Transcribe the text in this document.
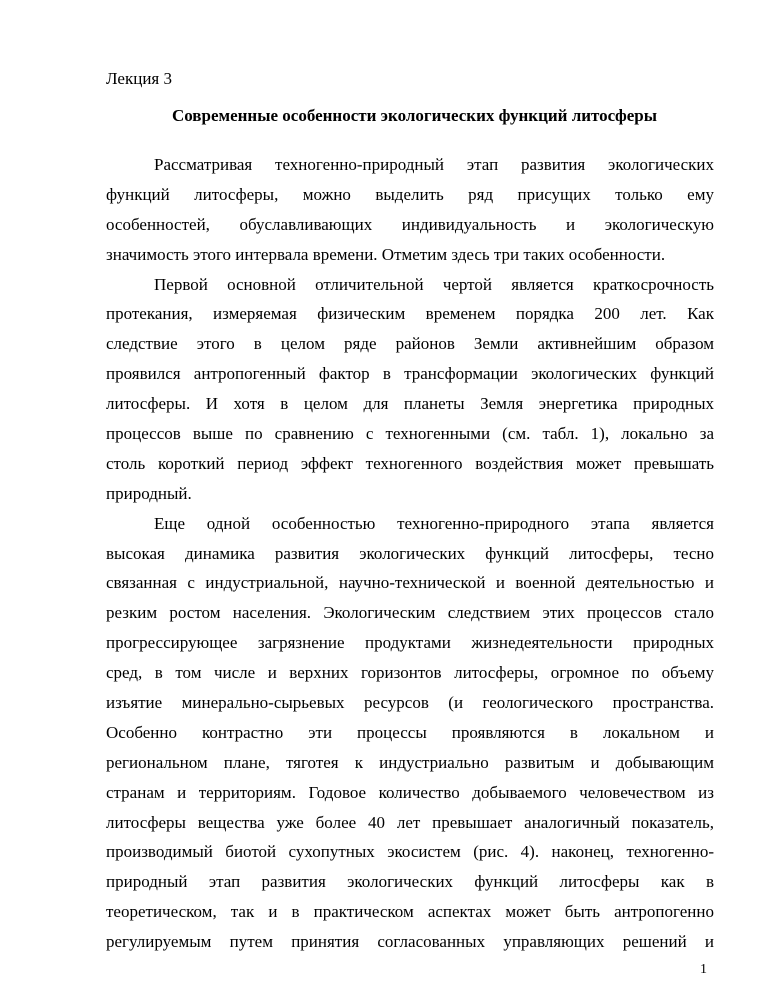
Лекция 3

Современные особенности экологических функций литосферы

Рассматривая техногенно-природный этап развития экологических
функций литосферы, можно выделить ряд присущих только ему
особенностей, обуславливающих индивидуальность и экологическую
значимость этого интервала времени. Отметим здесь три таких особенности.
Первой основной отличительной чертой является краткосрочность
протекания, измеряемая физическим временем порядка 200 лет. Как
следствие этого в целом ряде районов Земли активнейшим образом
проявился антропогенный фактор в трансформации экологических функций
литосферы. И хотя в целом для планеты Земля энергетика природных
процессов выше по сравнению с техногенными (см. табл. 1), локально за
столь короткий период эффект техногенного воздействия может превышать
природный.
Еще одной особенностью техногенно-природного этапа является
высокая динамика развития экологических функций литосферы, тесно
связанная с индустриальной, научно-технической и военной деятельностью и
резким ростом населения. Экологическим следствием этих процессов стало
прогрессирующее загрязнение продуктами жизнедеятельности природных
сред, в том числе и верхних горизонтов литосферы, огромное по объему
изъятие минерально-сырьевых ресурсов (и геологического пространства.
Особенно контрастно эти процессы проявляются в локальном и
региональном плане, тяготея к индустриально развитым и добывающим
странам и территориям. Годовое количество добываемого человечеством из
литосферы вещества уже более 40 лет превышает аналогичный показатель,
производимый биотой сухопутных экосистем (рис. 4). наконец, техногенно-
природный этап развития экологических функций литосферы как в
теоретическом, так и в практическом аспектах может быть антропогенно
регулируемым путем принятия согласованных управляющих решений и
1
